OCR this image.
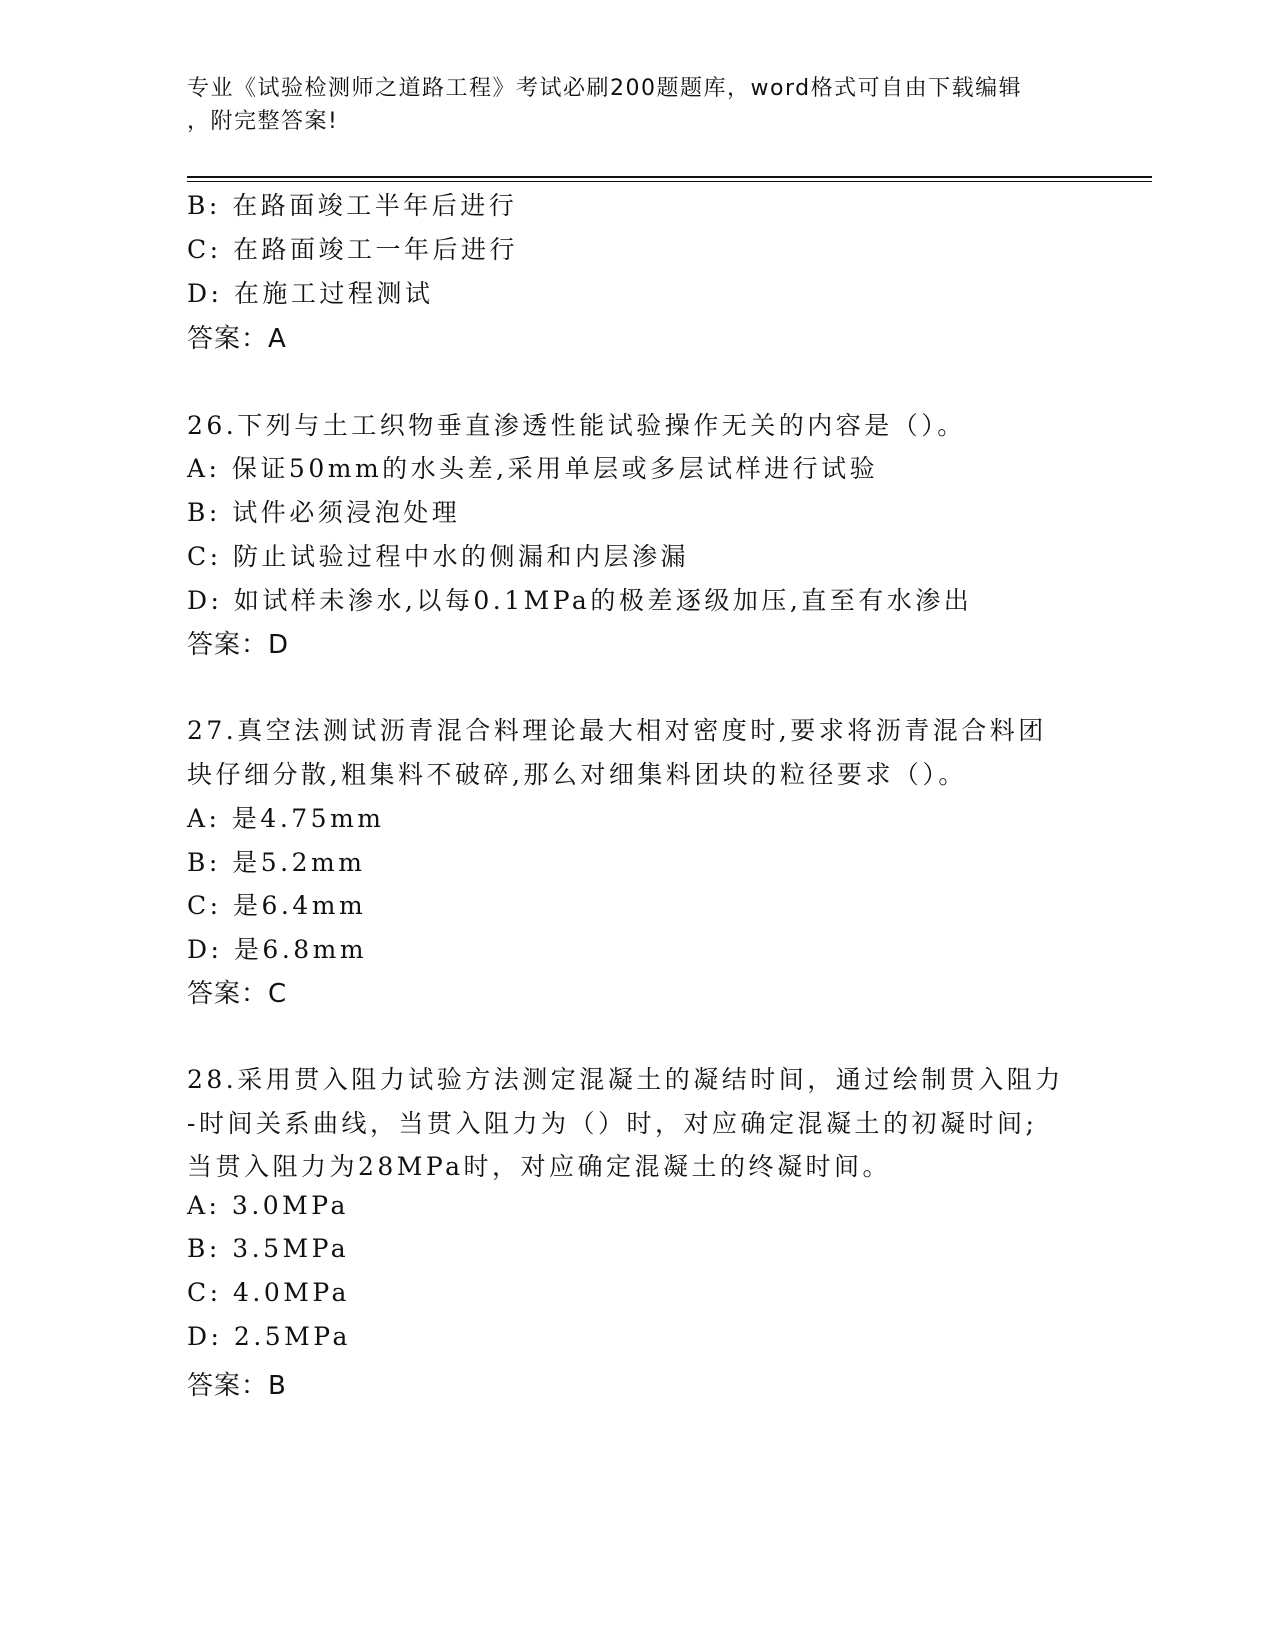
专业《试验检测师之道路工程》考试必刷200题题库，word格式可自由下载编辑
，附完整答案!
B: 在路面竣工半年后进行
C: 在路面竣工一年后进行
D: 在施工过程测试
答案：A
26.下列与土工织物垂直渗透性能试验操作无关的内容是（）。
A: 保证50mm的水头差,采用单层或多层试样进行试验
B: 试件必须浸泡处理
C: 防止试验过程中水的侧漏和内层渗漏
D: 如试样未渗水,以每0.1MPa的极差逐级加压,直至有水渗出
答案：D
27.真空法测试沥青混合料理论最大相对密度时,要求将沥青混合料团
块仔细分散,粗集料不破碎,那么对细集料团块的粒径要求（）。
A: 是4.75mm
B: 是5.2mm
C: 是6.4mm
D: 是6.8mm
答案：C
28.采用贯入阻力试验方法测定混凝土的凝结时间，通过绘制贯入阻力
-时间关系曲线，当贯入阻力为（）时，对应确定混凝土的初凝时间;
当贯入阻力为28MPa时，对应确定混凝土的终凝时间。
A: 3.0MPa
B: 3.5MPa
C: 4.0MPa
D: 2.5MPa
答案：B
